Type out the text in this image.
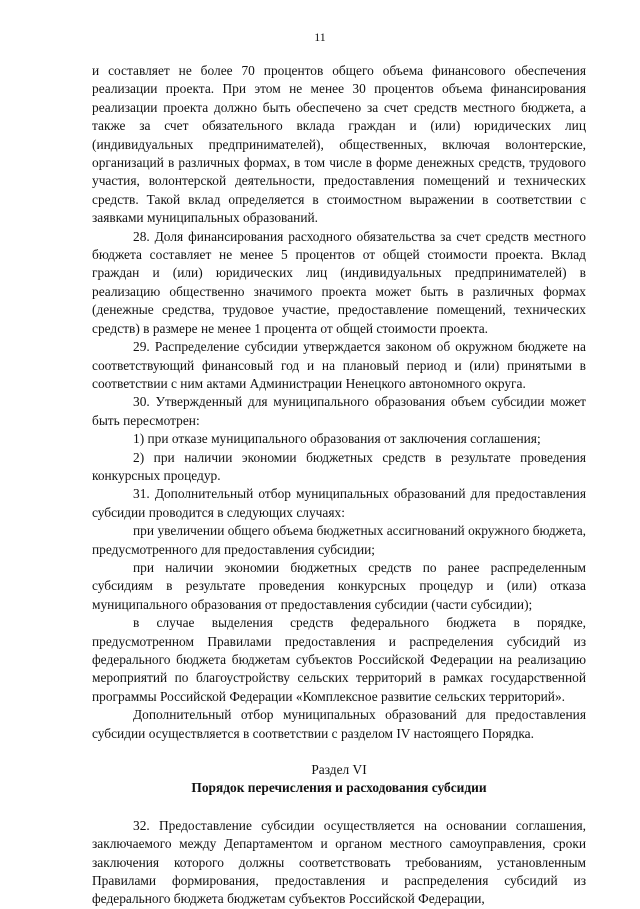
11

и составляет не более 70 процентов общего объема финансового обеспечения реализации проекта. При этом не менее 30 процентов объема финансирования реализации проекта должно быть обеспечено за счет средств местного бюджета, а также за счет обязательного вклада граждан и (или) юридических лиц (индивидуальных предпринимателей), общественных, включая волонтерские, организаций в различных формах, в том числе в форме денежных средств, трудового участия, волонтерской деятельности, предоставления помещений и технических средств. Такой вклад определяется в стоимостном выражении в соответствии с заявками муниципальных образований.

28. Доля финансирования расходного обязательства за счет средств местного бюджета составляет не менее 5 процентов от общей стоимости проекта. Вклад граждан и (или) юридических лиц (индивидуальных предпринимателей) в реализацию общественно значимого проекта может быть в различных формах (денежные средства, трудовое участие, предоставление помещений, технических средств) в размере не менее 1 процента от общей стоимости проекта.

29. Распределение субсидии утверждается законом об окружном бюджете на соответствующий финансовый год и на плановый период и (или) принятыми в соответствии с ним актами Администрации Ненецкого автономного округа.

30. Утвержденный для муниципального образования объем субсидии может быть пересмотрен:

1) при отказе муниципального образования от заключения соглашения;

2) при наличии экономии бюджетных средств в результате проведения конкурсных процедур.

31. Дополнительный отбор муниципальных образований для предоставления субсидии проводится в следующих случаях:

при увеличении общего объема бюджетных ассигнований окружного бюджета, предусмотренного для предоставления субсидии;

при наличии экономии бюджетных средств по ранее распределенным субсидиям в результате проведения конкурсных процедур и (или) отказа муниципального образования от предоставления субсидии (части субсидии);

в случае выделения средств федерального бюджета в порядке, предусмотренном Правилами предоставления и распределения субсидий из федерального бюджета бюджетам субъектов Российской Федерации на реализацию мероприятий по благоустройству сельских территорий в рамках государственной программы Российской Федерации «Комплексное развитие сельских территорий».

Дополнительный отбор муниципальных образований для предоставления субсидии осуществляется в соответствии с разделом IV настоящего Порядка.

Раздел VI

Порядок перечисления и расходования субсидии

32. Предоставление субсидии осуществляется на основании соглашения, заключаемого между Департаментом и органом местного самоуправления, сроки заключения которого должны соответствовать требованиям, установленным Правилами формирования, предоставления и распределения субсидий из федерального бюджета бюджетам субъектов Российской Федерации,
